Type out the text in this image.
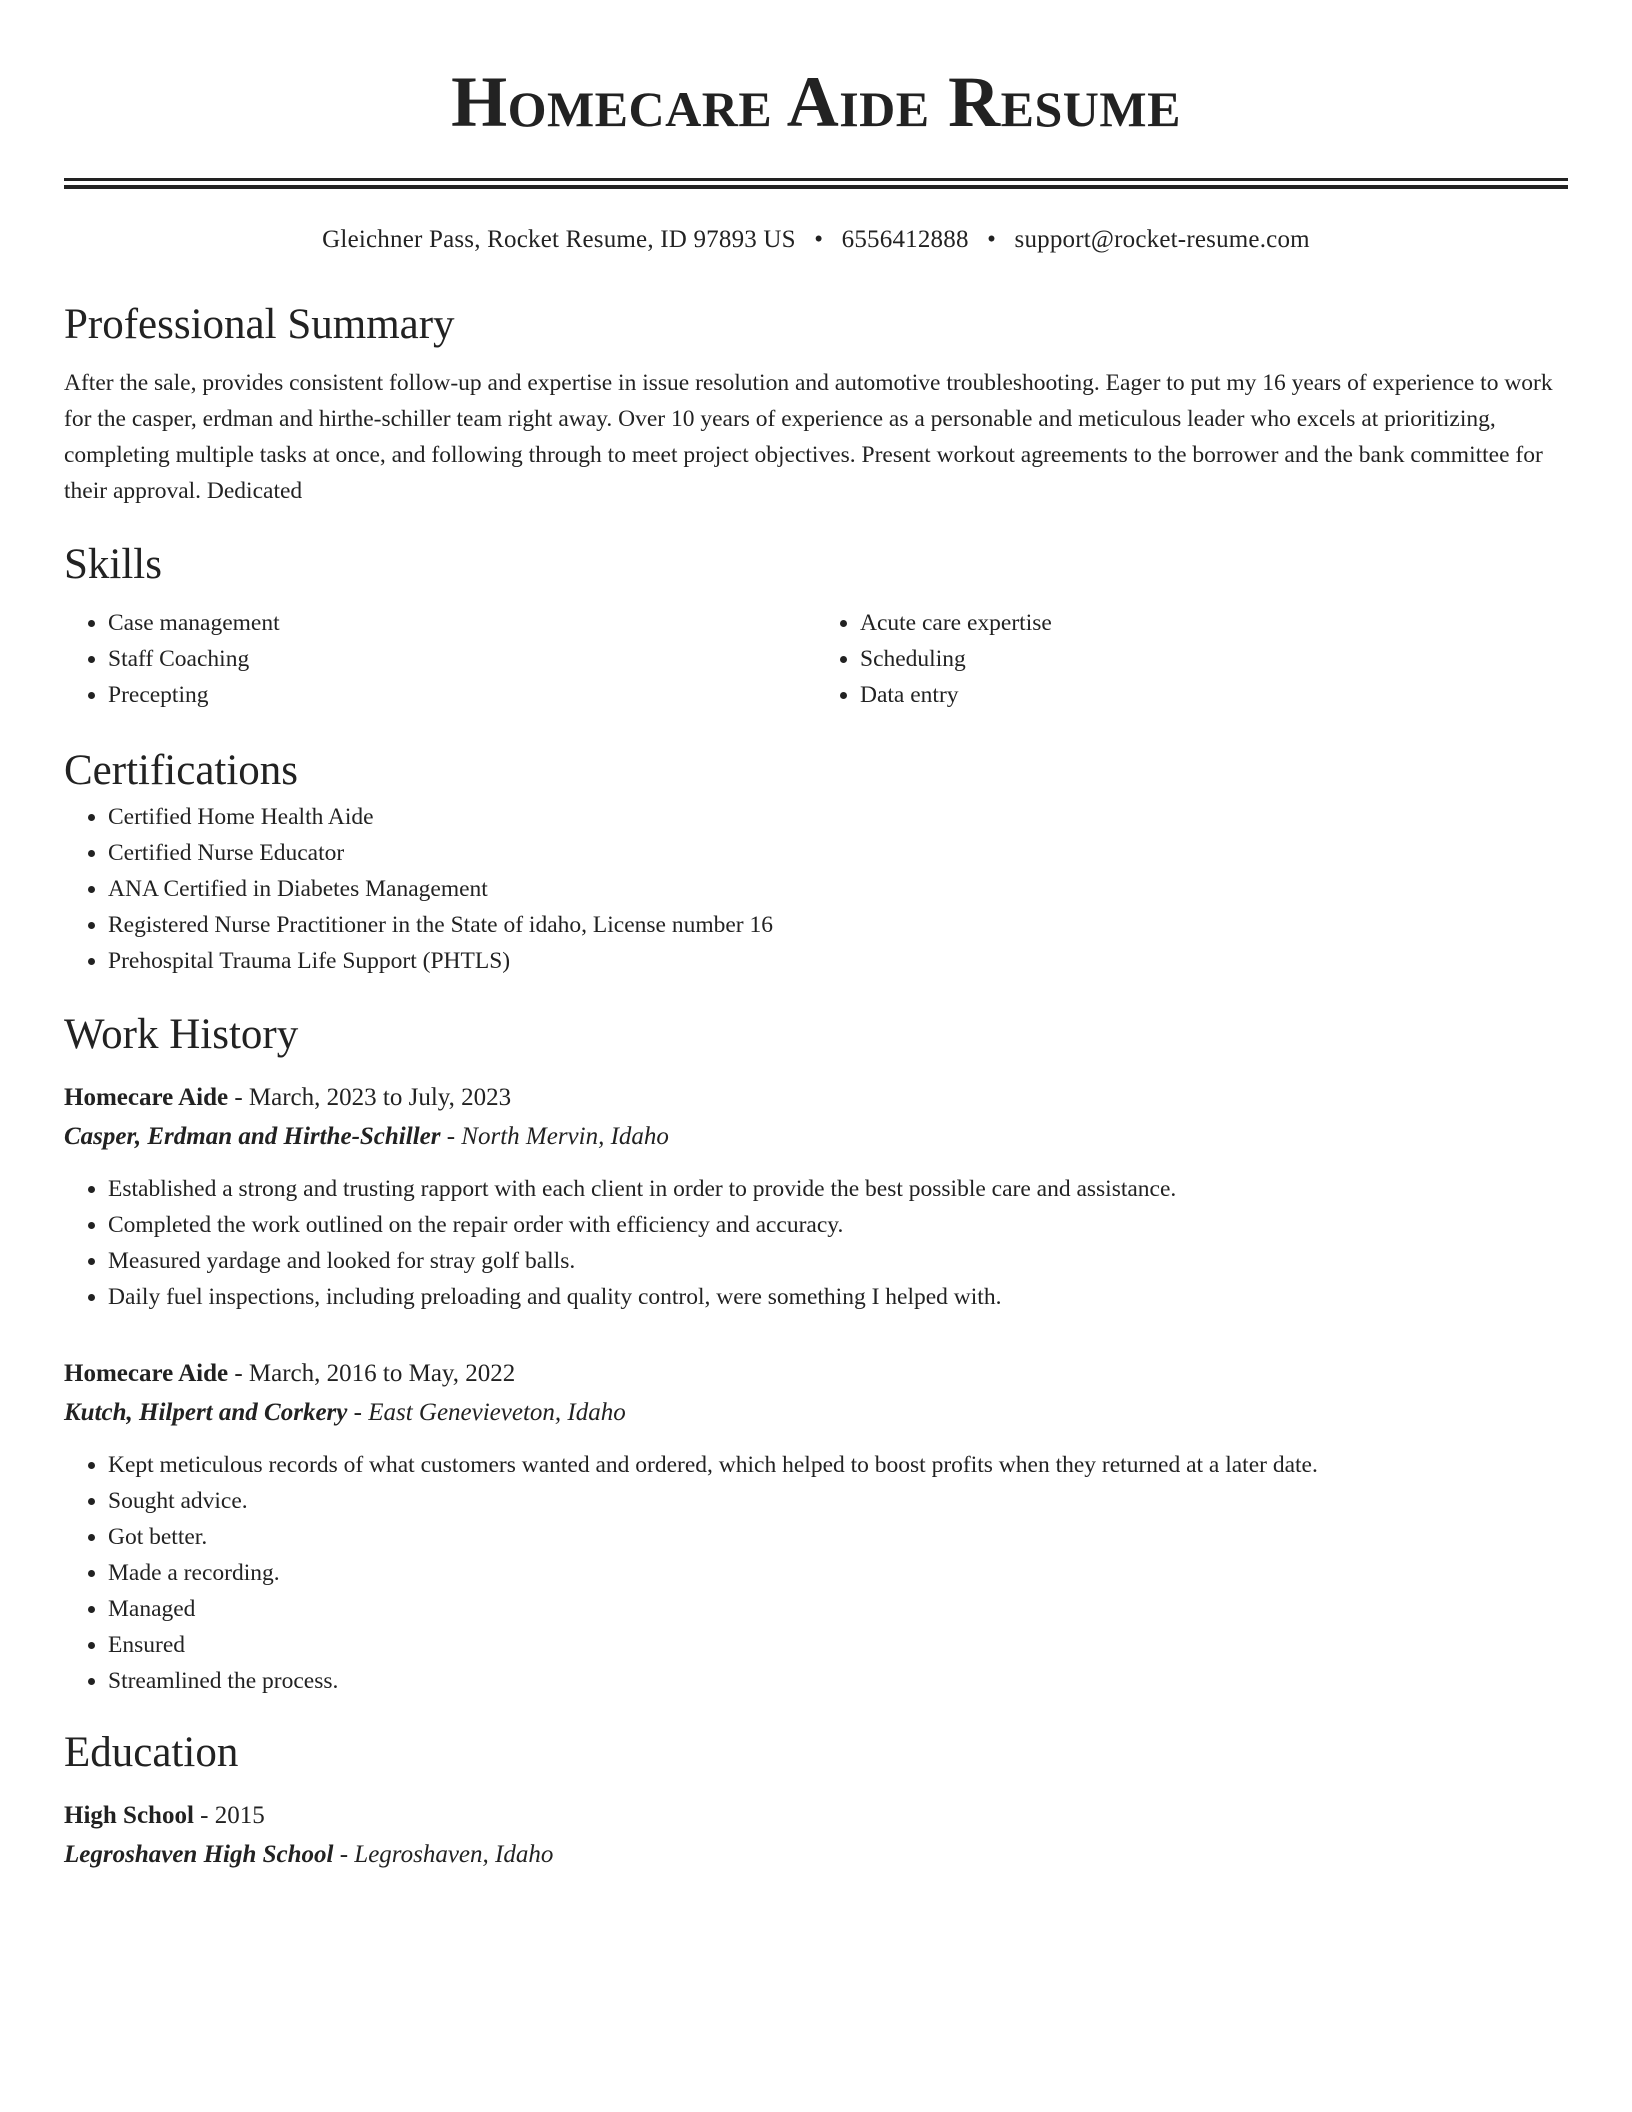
Homecare Aide Resume
Gleichner Pass, Rocket Resume, ID 97893 US • 6556412888 • support@rocket-resume.com
Professional Summary

After the sale, provides consistent follow-up and expertise in issue resolution and automotive troubleshooting. Eager to put my 16 years of experience to work for the casper, erdman and hirthe-schiller team right away. Over 10 years of experience as a personable and meticulous leader who excels at prioritizing, completing multiple tasks at once, and following through to meet project objectives. Present workout agreements to the borrower and the bank committee for their approval. Dedicated

Skills
• Case management
• Staff Coaching
• Precepting
• Acute care expertise
• Scheduling
• Data entry
Certifications
• Certified Home Health Aide
• Certified Nurse Educator
• ANA Certified in Diabetes Management
• Registered Nurse Practitioner in the State of idaho, License number 16
• Prehospital Trauma Life Support (PHTLS)
Work History
Homecare Aide - March, 2023 to July, 2023
Casper, Erdman and Hirthe-Schiller - North Mervin, Idaho
• Established a strong and trusting rapport with each client in order to provide the best possible care and assistance.
• Completed the work outlined on the repair order with efficiency and accuracy.
• Measured yardage and looked for stray golf balls.
• Daily fuel inspections, including preloading and quality control, were something I helped with.
Homecare Aide - March, 2016 to May, 2022
Kutch, Hilpert and Corkery - East Genevieveton, Idaho
• Kept meticulous records of what customers wanted and ordered, which helped to boost profits when they returned at a later date.
• Sought advice.
• Got better.
• Made a recording.
• Managed
• Ensured
• Streamlined the process.
Education
High School - 2015
Legroshaven High School - Legroshaven, Idaho
